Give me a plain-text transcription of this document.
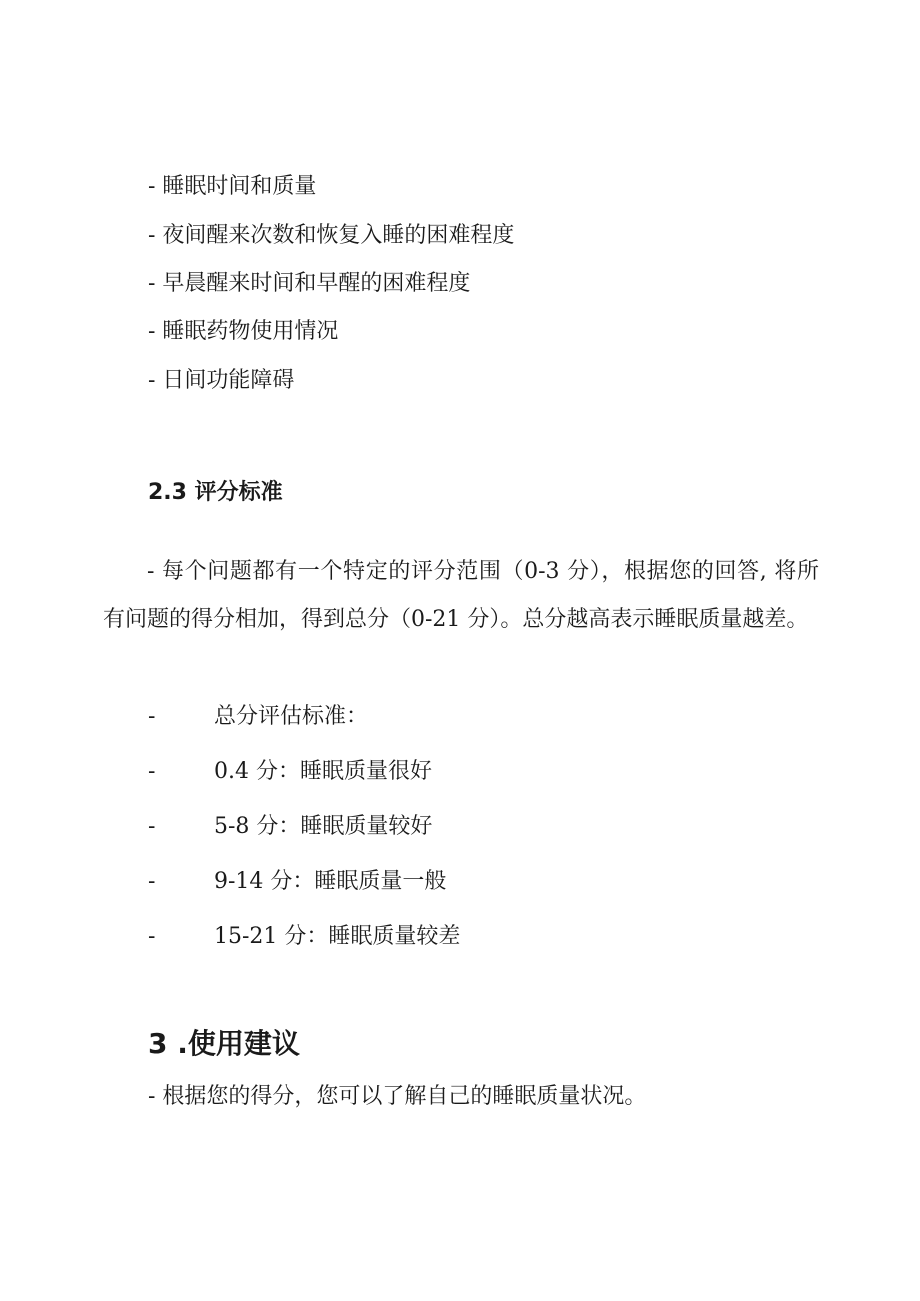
- 睡眠时间和质量
- 夜间醒来次数和恢复入睡的困难程度
- 早晨醒来时间和早醒的困难程度
- 睡眠药物使用情况
- 日间功能障碍
2.3 评分标准
- 每个问题都有一个特定的评分范围（0-3 分），根据您的回答, 将所有问题的得分相加，得到总分（0-21 分）。总分越高表示睡眠质量越差。
-	总分评估标准：
-	0.4 分：睡眠质量很好
-	5-8 分：睡眠质量较好
-	9-14 分：睡眠质量一般
-	15-21 分：睡眠质量较差
3 .使用建议
- 根据您的得分，您可以了解自己的睡眠质量状况。
